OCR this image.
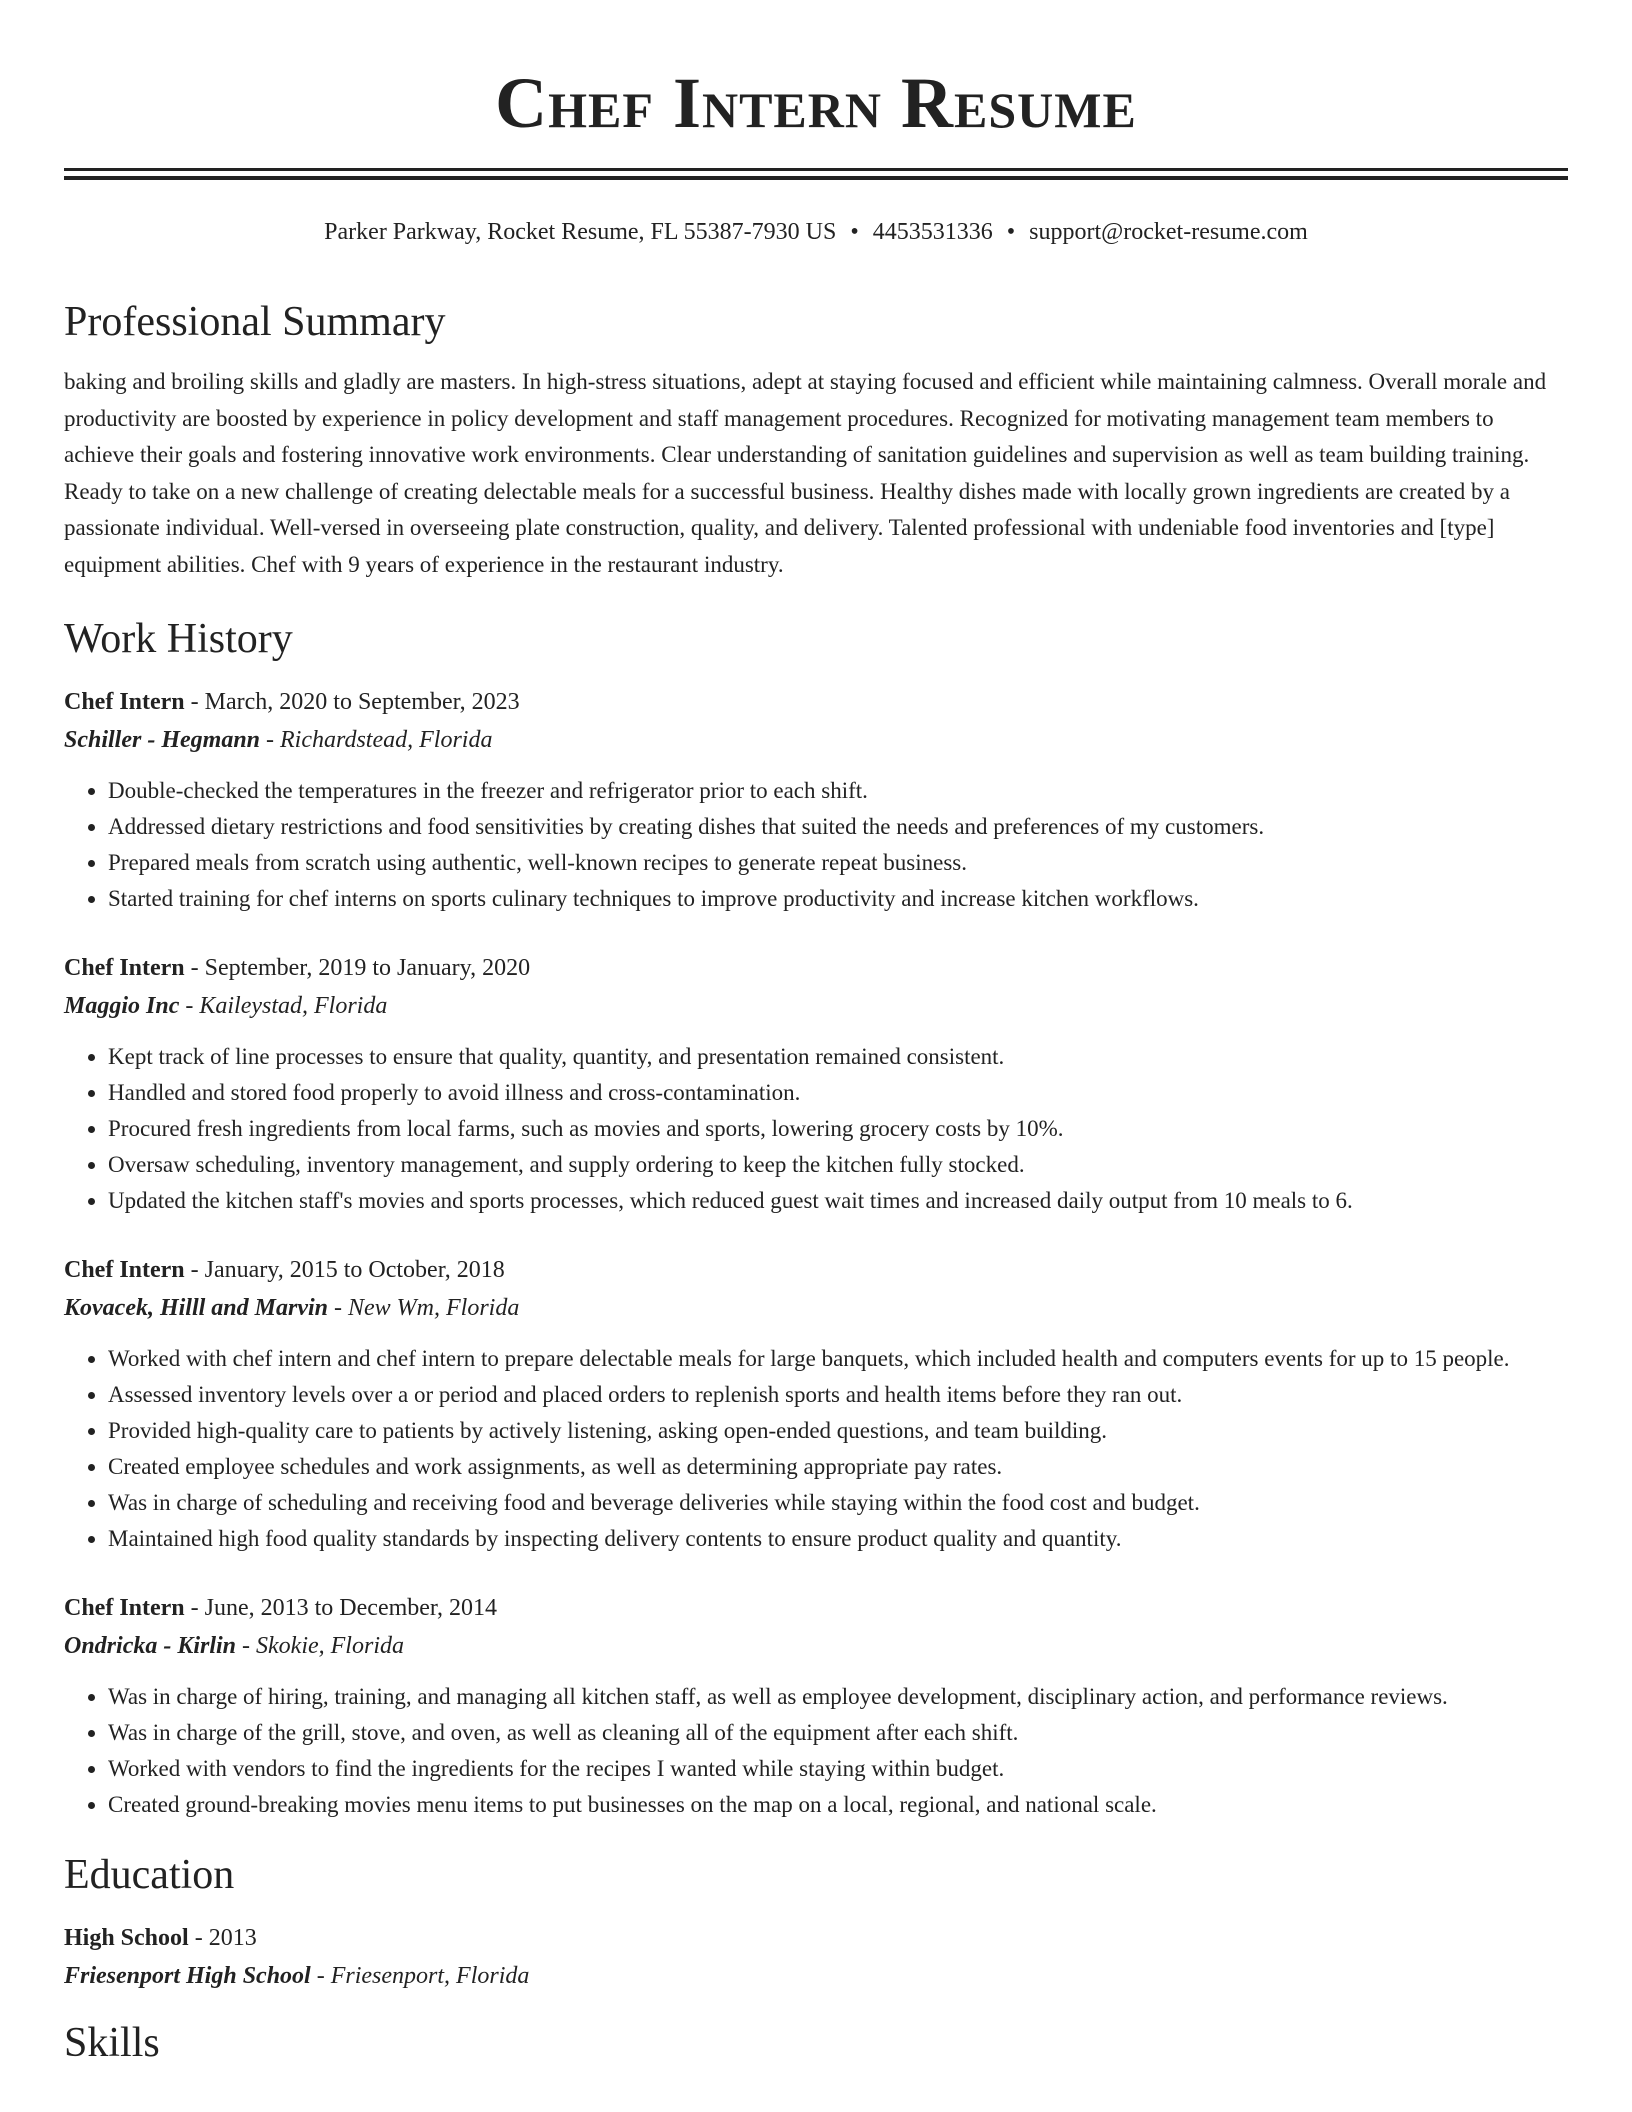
Chef Intern Resume
Parker Parkway, Rocket Resume, FL 55387-7930 US • 4453531336 • support@rocket-resume.com
Professional Summary

baking and broiling skills and gladly are masters. In high-stress situations, adept at staying focused and efficient while maintaining calmness. Overall morale and productivity are boosted by experience in policy development and staff management procedures. Recognized for motivating management team members to achieve their goals and fostering innovative work environments. Clear understanding of sanitation guidelines and supervision as well as team building training. Ready to take on a new challenge of creating delectable meals for a successful business. Healthy dishes made with locally grown ingredients are created by a passionate individual. Well-versed in overseeing plate construction, quality, and delivery. Talented professional with undeniable food inventories and [type] equipment abilities. Chef with 9 years of experience in the restaurant industry.

Work History
Chef Intern - March, 2020 to September, 2023
Schiller - Hegmann - Richardstead, Florida
• Double-checked the temperatures in the freezer and refrigerator prior to each shift.
• Addressed dietary restrictions and food sensitivities by creating dishes that suited the needs and preferences of my customers.
• Prepared meals from scratch using authentic, well-known recipes to generate repeat business.
• Started training for chef interns on sports culinary techniques to improve productivity and increase kitchen workflows.
Chef Intern - September, 2019 to January, 2020
Maggio Inc - Kaileystad, Florida
• Kept track of line processes to ensure that quality, quantity, and presentation remained consistent.
• Handled and stored food properly to avoid illness and cross-contamination.
• Procured fresh ingredients from local farms, such as movies and sports, lowering grocery costs by 10%.
• Oversaw scheduling, inventory management, and supply ordering to keep the kitchen fully stocked.
• Updated the kitchen staff's movies and sports processes, which reduced guest wait times and increased daily output from 10 meals to 6.
Chef Intern - January, 2015 to October, 2018
Kovacek, Hilll and Marvin - New Wm, Florida
• Worked with chef intern and chef intern to prepare delectable meals for large banquets, which included health and computers events for up to 15 people.
• Assessed inventory levels over a or period and placed orders to replenish sports and health items before they ran out.
• Provided high-quality care to patients by actively listening, asking open-ended questions, and team building.
• Created employee schedules and work assignments, as well as determining appropriate pay rates.
• Was in charge of scheduling and receiving food and beverage deliveries while staying within the food cost and budget.
• Maintained high food quality standards by inspecting delivery contents to ensure product quality and quantity.
Chef Intern - June, 2013 to December, 2014
Ondricka - Kirlin - Skokie, Florida
• Was in charge of hiring, training, and managing all kitchen staff, as well as employee development, disciplinary action, and performance reviews.
• Was in charge of the grill, stove, and oven, as well as cleaning all of the equipment after each shift.
• Worked with vendors to find the ingredients for the recipes I wanted while staying within budget.
• Created ground-breaking movies menu items to put businesses on the map on a local, regional, and national scale.
Education
High School - 2013
Friesenport High School - Friesenport, Florida
Skills
